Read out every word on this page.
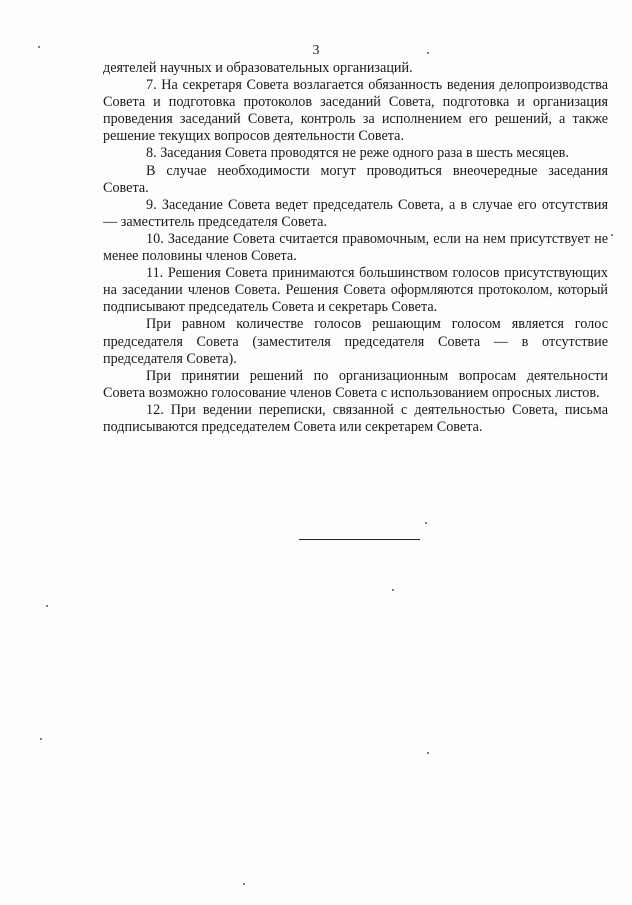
3

деятелей научных и образовательных организаций.

7. На секретаря Совета возлагается обязанность ведения делопроизводства Совета и подготовка протоколов заседаний Совета, подготовка и организация проведения заседаний Совета, контроль за исполнением его решений, а также решение текущих вопросов деятельности Совета.

8. Заседания Совета проводятся не реже одного раза в шесть месяцев.

В случае необходимости могут проводиться внеочередные заседания Совета.

9. Заседание Совета ведет председатель Совета, а в случае его отсутствия — заместитель председателя Совета.

10. Заседание Совета считается правомочным, если на нем присутствует не менее половины членов Совета.

11. Решения Совета принимаются большинством голосов присутствующих на заседании членов Совета. Решения Совета оформляются протоколом, который подписывают председатель Совета и секретарь Совета.

При равном количестве голосов решающим голосом является голос председателя Совета (заместителя председателя Совета — в отсутствие председателя Совета).

При принятии решений по организационным вопросам деятельности Совета возможно голосование членов Совета с использованием опросных листов.

12. При ведении переписки, связанной с деятельностью Совета, письма подписываются председателем Совета или секретарем Совета.
